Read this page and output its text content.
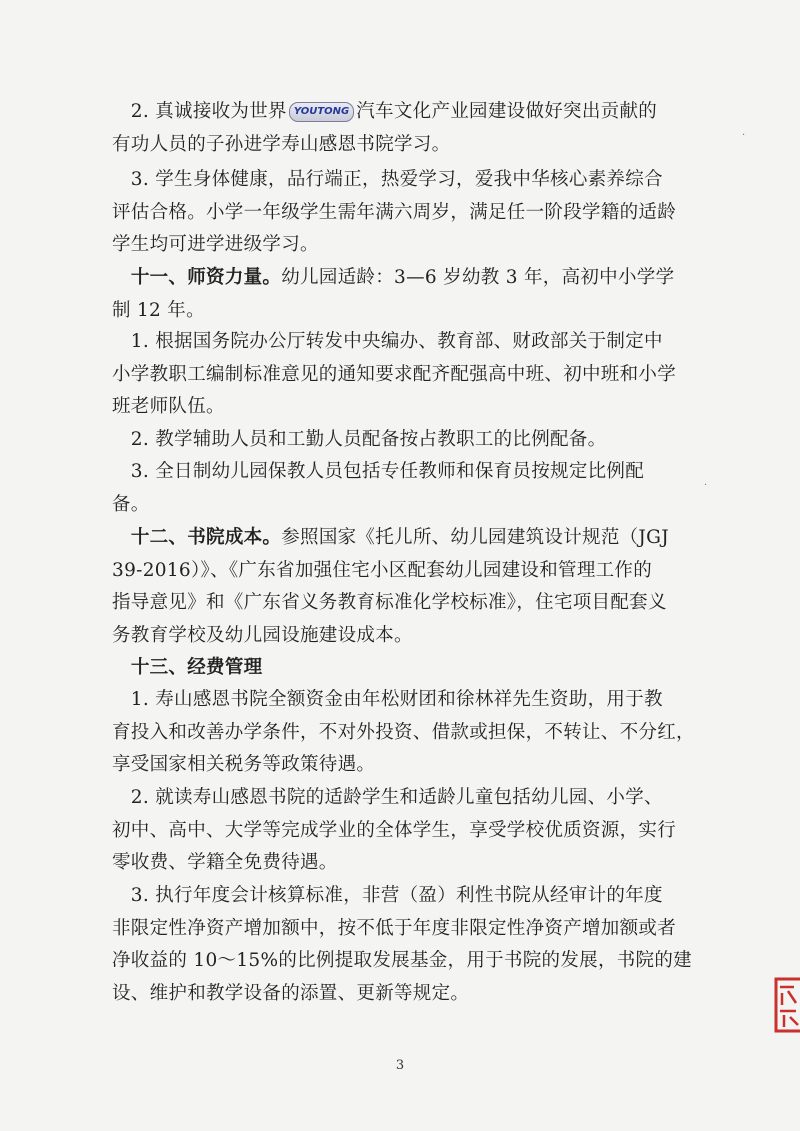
　2. 真诚接收为世界 YOUTONG 汽车文化产业园建设做好突出贡献的
有功人员的子孙进学寿山感恩书院学习。

　3. 学生身体健康，品行端正，热爱学习，爱我中华核心素养综合
评估合格。小学一年级学生需年满六周岁，满足任一阶段学籍的适龄
学生均可进学进级学习。

　十一、师资力量。幼儿园适龄：3—6 岁幼教 3 年，高初中小学学
制 12 年。

　1. 根据国务院办公厅转发中央编办、教育部、财政部关于制定中
小学教职工编制标准意见的通知要求配齐配强高中班、初中班和小学
班老师队伍。

　2. 教学辅助人员和工勤人员配备按占教职工的比例配备。

　3. 全日制幼儿园保教人员包括专任教师和保育员按规定比例配
备。

　十二、书院成本。参照国家《托儿所、幼儿园建筑设计规范（JGJ
39-2016）》、《广东省加强住宅小区配套幼儿园建设和管理工作的
指导意见》和《广东省义务教育标准化学校标准》，住宅项目配套义
务教育学校及幼儿园设施建设成本。

　十三、经费管理

　1. 寿山感恩书院全额资金由年松财团和徐林祥先生资助，用于教
育投入和改善办学条件，不对外投资、借款或担保，不转让、不分红，
享受国家相关税务等政策待遇。

　2. 就读寿山感恩书院的适龄学生和适龄儿童包括幼儿园、小学、
初中、高中、大学等完成学业的全体学生，享受学校优质资源，实行
零收费、学籍全免费待遇。

　3. 执行年度会计核算标准，非营（盈）利性书院从经审计的年度
非限定性净资产增加额中，按不低于年度非限定性净资产增加额或者
净收益的 10～15%的比例提取发展基金，用于书院的发展，书院的建
设、维护和教学设备的添置、更新等规定。

3
·
·
